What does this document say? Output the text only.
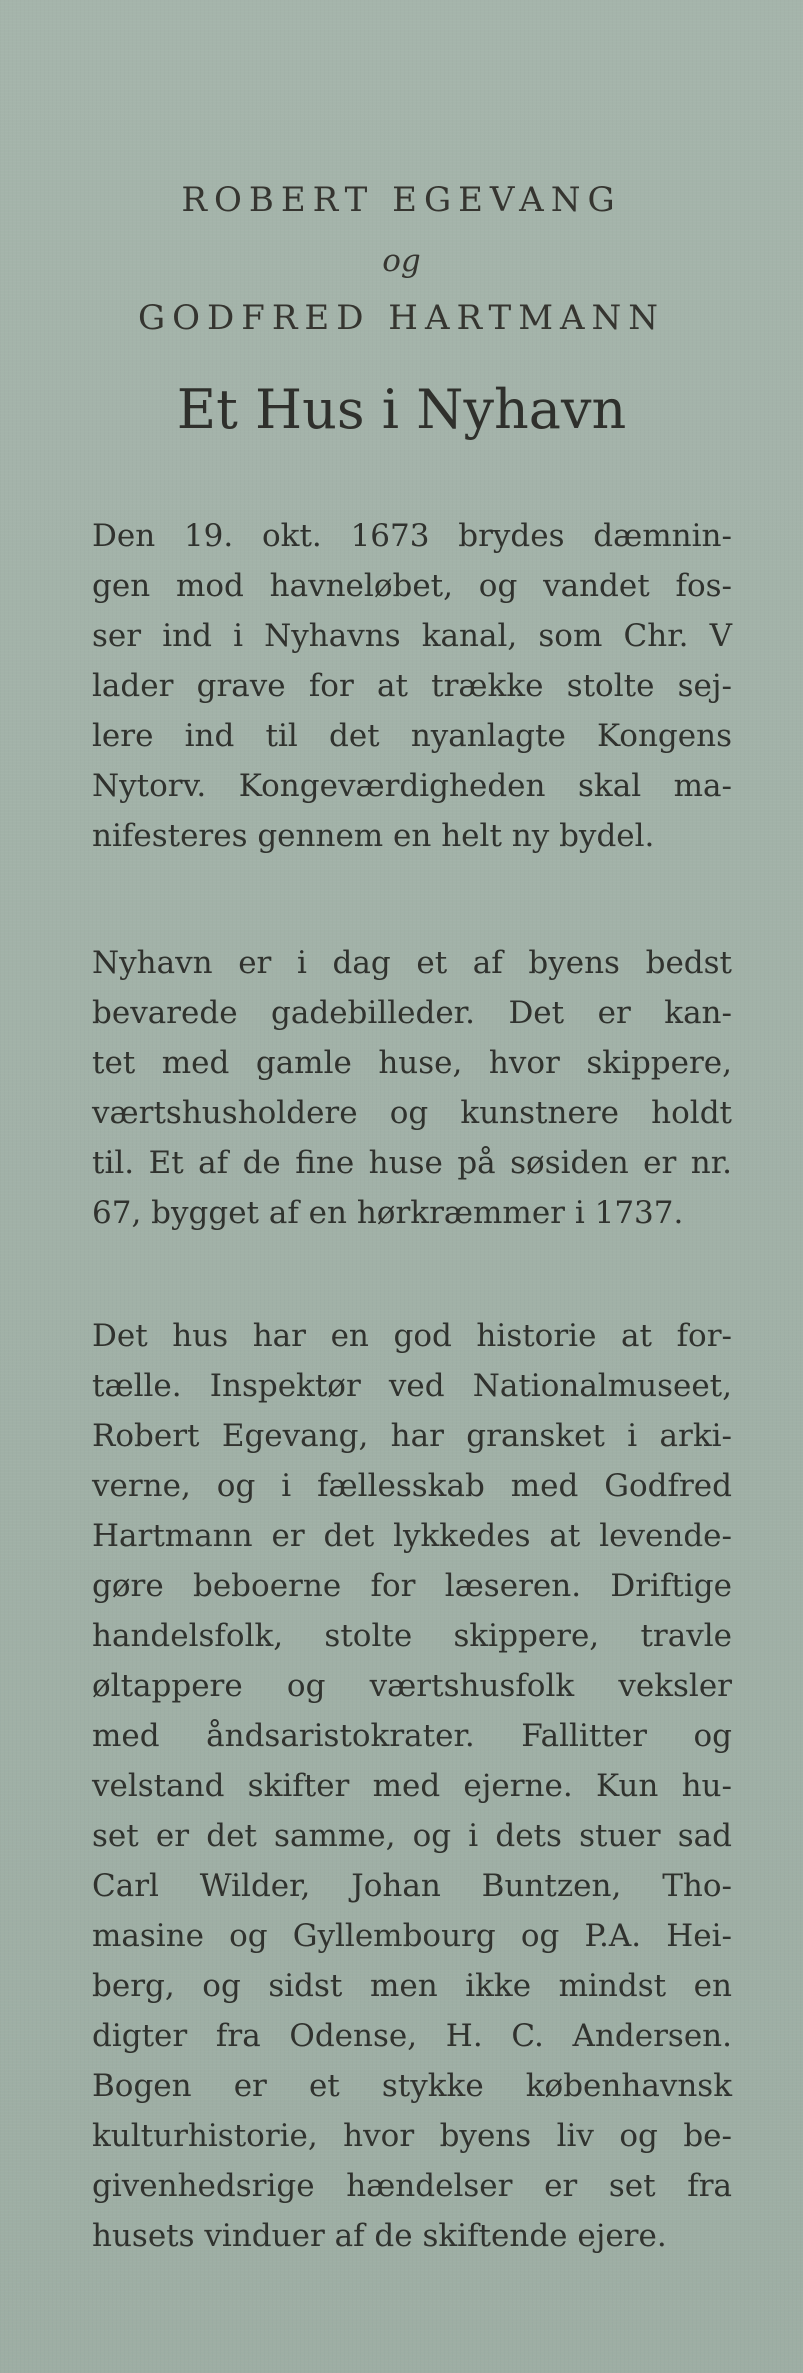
ROBERT EGEVANG
og
GODFRED HARTMANN
Et Hus i Nyhavn
Den 19. okt. 1673 brydes dæmnin-
gen mod havneløbet, og vandet fos-
ser ind i Nyhavns kanal, som Chr. V
lader grave for at trække stolte sej-
lere ind til det nyanlagte Kongens
Nytorv. Kongeværdigheden skal ma-
nifesteres gennem en helt ny bydel.
Nyhavn er i dag et af byens bedst
bevarede gadebilleder. Det er kan-
tet med gamle huse, hvor skippere,
værtshusholdere og kunstnere holdt
til. Et af de fine huse på søsiden er nr.
67, bygget af en hørkræmmer i 1737.
Det hus har en god historie at for-
tælle. Inspektør ved Nationalmuseet,
Robert Egevang, har gransket i arki-
verne, og i fællesskab med Godfred
Hartmann er det lykkedes at levende-
gøre beboerne for læseren. Driftige
handelsfolk, stolte skippere, travle
øltappere og værtshusfolk veksler
med åndsaristokrater. Fallitter og
velstand skifter med ejerne. Kun hu-
set er det samme, og i dets stuer sad
Carl Wilder, Johan Buntzen, Tho-
masine og Gyllembourg og P.A. Hei-
berg, og sidst men ikke mindst en
digter fra Odense, H. C. Andersen.
Bogen er et stykke københavnsk
kulturhistorie, hvor byens liv og be-
givenhedsrige hændelser er set fra
husets vinduer af de skiftende ejere.
